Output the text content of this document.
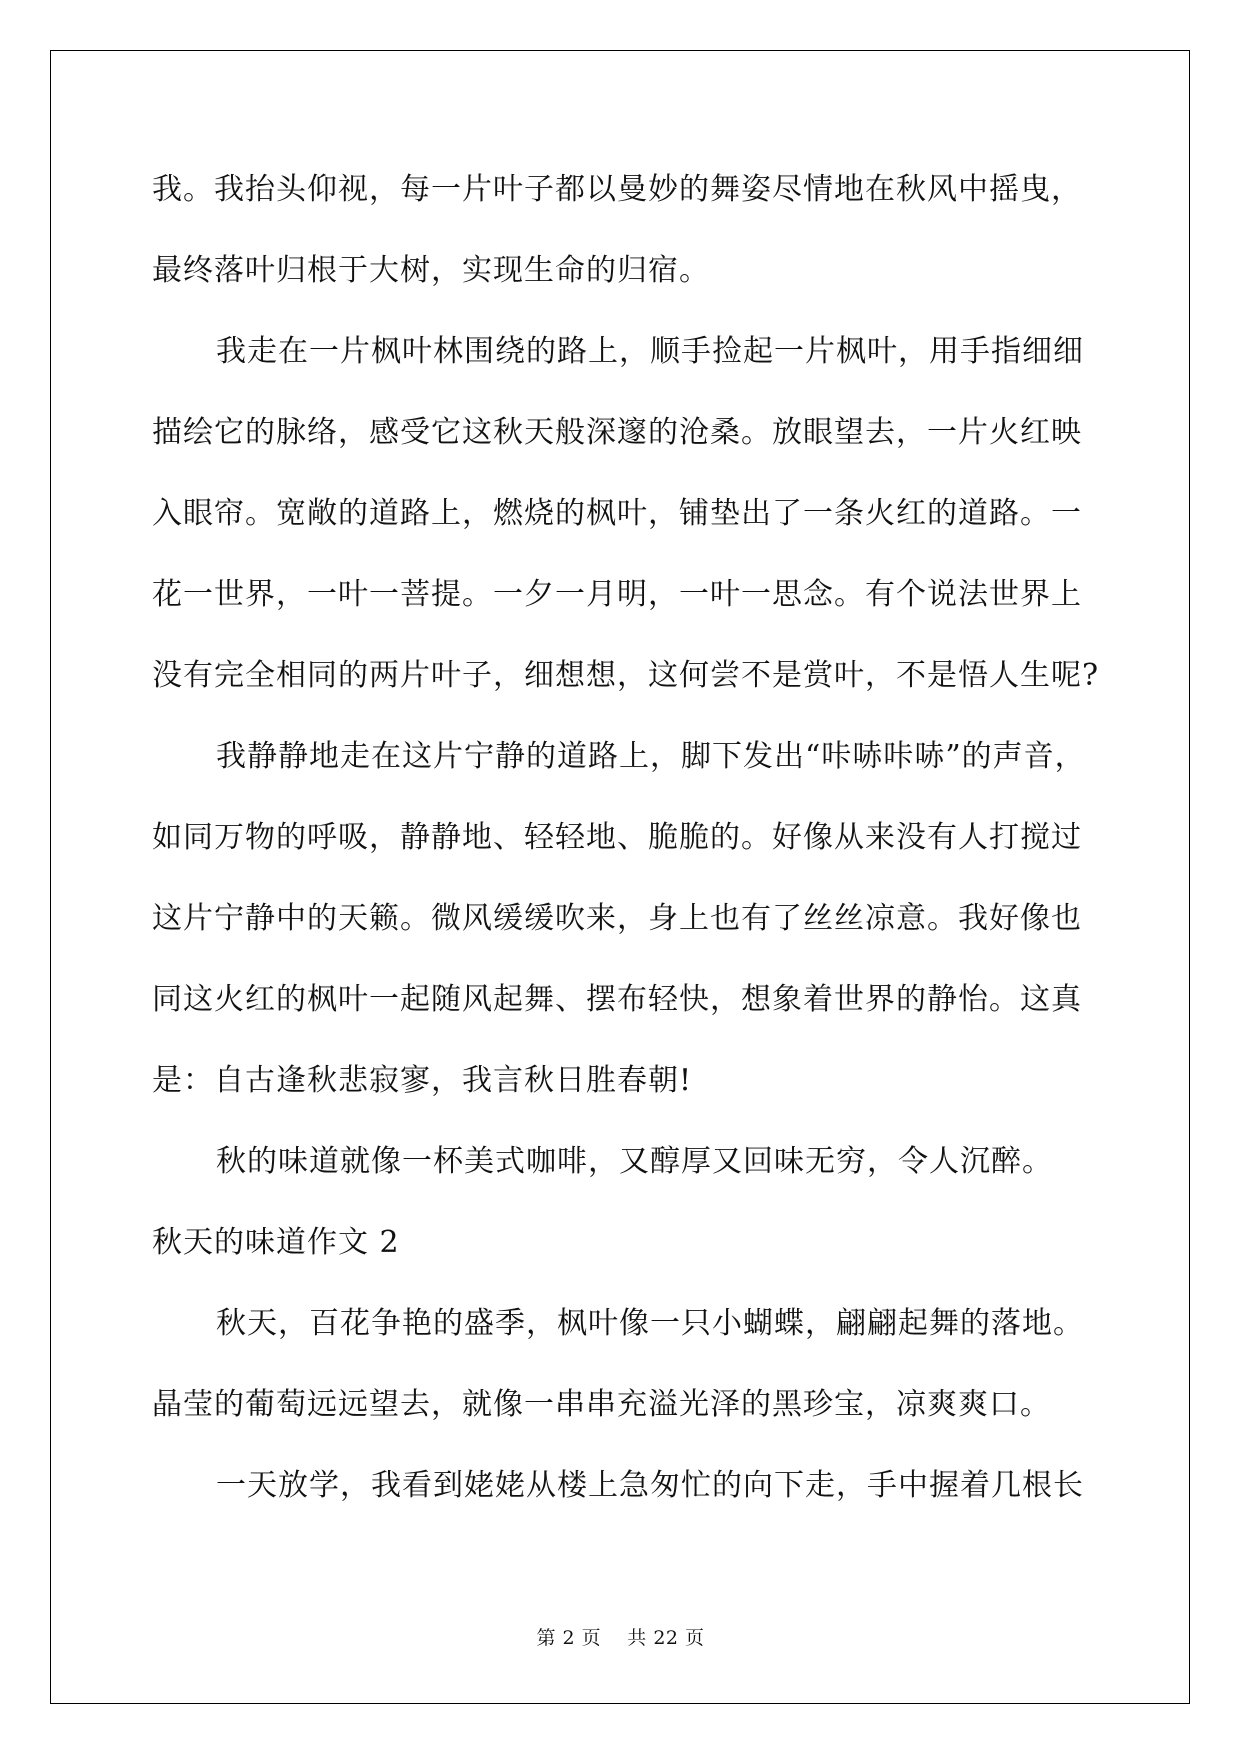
我。我抬头仰视，每一片叶子都以曼妙的舞姿尽情地在秋风中摇曳，
最终落叶归根于大树，实现生命的归宿。
我走在一片枫叶林围绕的路上，顺手捡起一片枫叶，用手指细细
描绘它的脉络，感受它这秋天般深邃的沧桑。放眼望去，一片火红映
入眼帘。宽敞的道路上，燃烧的枫叶，铺垫出了一条火红的道路。一
花一世界，一叶一菩提。一夕一月明，一叶一思念。有个说法世界上
没有完全相同的两片叶子，细想想，这何尝不是赏叶，不是悟人生呢?
我静静地走在这片宁静的道路上，脚下发出“咔哧咔哧”的声音，
如同万物的呼吸，静静地、轻轻地、脆脆的。好像从来没有人打搅过
这片宁静中的天籁。微风缓缓吹来，身上也有了丝丝凉意。我好像也
同这火红的枫叶一起随风起舞、摆布轻快，想象着世界的静怡。这真
是：自古逢秋悲寂寥，我言秋日胜春朝!
秋的味道就像一杯美式咖啡，又醇厚又回味无穷，令人沉醉。
秋天的味道作文 2
秋天，百花争艳的盛季，枫叶像一只小蝴蝶，翩翩起舞的落地。
晶莹的葡萄远远望去，就像一串串充溢光泽的黑珍宝，凉爽爽口。
一天放学，我看到姥姥从楼上急匆忙的向下走，手中握着几根长
第 2 页    共 22 页
